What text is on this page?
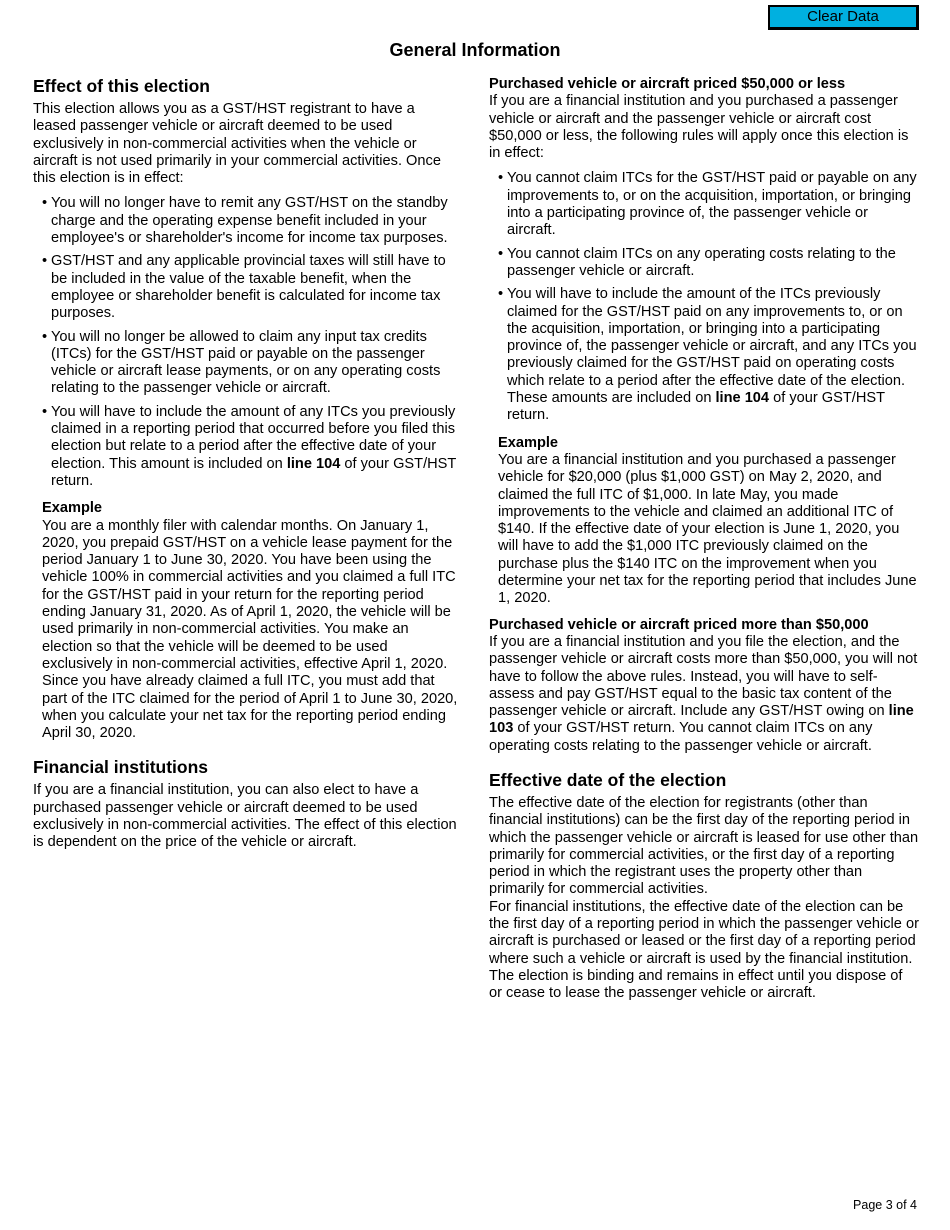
Clear Data
General Information
Effect of this election

This election allows you as a GST/HST registrant to have a leased passenger vehicle or aircraft deemed to be used exclusively in non-commercial activities when the vehicle or aircraft is not used primarily in your commercial activities. Once this election is in effect:

• You will no longer have to remit any GST/HST on the standby charge and the operating expense benefit included in your employee's or shareholder's income for income tax purposes.
• GST/HST and any applicable provincial taxes will still have to be included in the value of the taxable benefit, when the employee or shareholder benefit is calculated for income tax purposes.
• You will no longer be allowed to claim any input tax credits (ITCs) for the GST/HST paid or payable on the passenger vehicle or aircraft lease payments, or on any operating costs relating to the passenger vehicle or aircraft.
• You will have to include the amount of any ITCs you previously claimed in a reporting period that occurred before you filed this election but relate to a period after the effective date of your election. This amount is included on line 104 of your GST/HST return.
Example

You are a monthly filer with calendar months. On January 1, 2020, you prepaid GST/HST on a vehicle lease payment for the period January 1 to June 30, 2020. You have been using the vehicle 100% in commercial activities and you claimed a full ITC for the GST/HST paid in your return for the reporting period ending January 31, 2020. As of April 1, 2020, the vehicle will be used primarily in non-commercial activities. You make an election so that the vehicle will be deemed to be used exclusively in non-commercial activities, effective April 1, 2020. Since you have already claimed a full ITC, you must add that part of the ITC claimed for the period of April 1 to June 30, 2020, when you calculate your net tax for the reporting period ending April 30, 2020.

Financial institutions

If you are a financial institution, you can also elect to have a purchased passenger vehicle or aircraft deemed to be used exclusively in non-commercial activities. The effect of this election is dependent on the price of the vehicle or aircraft.

Purchased vehicle or aircraft priced $50,000 or less

If you are a financial institution and you purchased a passenger vehicle or aircraft and the passenger vehicle or aircraft cost $50,000 or less, the following rules will apply once this election is in effect:

• You cannot claim ITCs for the GST/HST paid or payable on any improvements to, or on the acquisition, importation, or bringing into a participating province of, the passenger vehicle or aircraft.
• You cannot claim ITCs on any operating costs relating to the passenger vehicle or aircraft.
• You will have to include the amount of the ITCs previously claimed for the GST/HST paid on any improvements to, or on the acquisition, importation, or bringing into a participating province of, the passenger vehicle or aircraft, and any ITCs you previously claimed for the GST/HST paid on operating costs which relate to a period after the effective date of the election. These amounts are included on line 104 of your GST/HST return.
Example

You are a financial institution and you purchased a passenger vehicle for $20,000 (plus $1,000 GST) on May 2, 2020, and claimed the full ITC of $1,000. In late May, you made improvements to the vehicle and claimed an additional ITC of $140. If the effective date of your election is June 1, 2020, you will have to add the $1,000 ITC previously claimed on the purchase plus the $140 ITC on the improvement when you determine your net tax for the reporting period that includes June 1, 2020.

Purchased vehicle or aircraft priced more than $50,000

If you are a financial institution and you file the election, and the passenger vehicle or aircraft costs more than $50,000, you will not have to follow the above rules. Instead, you will have to self-assess and pay GST/HST equal to the basic tax content of the passenger vehicle or aircraft. Include any GST/HST owing on line 103 of your GST/HST return. You cannot claim ITCs on any operating costs relating to the passenger vehicle or aircraft.

Effective date of the election

The effective date of the election for registrants (other than financial institutions) can be the first day of the reporting period in which the passenger vehicle or aircraft is leased for use other than primarily for commercial activities, or the first day of a reporting period in which the registrant uses the property other than primarily for commercial activities.

For financial institutions, the effective date of the election can be the first day of a reporting period in which the passenger vehicle or aircraft is purchased or leased or the first day of a reporting period where such a vehicle or aircraft is used by the financial institution. The election is binding and remains in effect until you dispose of or cease to lease the passenger vehicle or aircraft.

Page 3 of 4
